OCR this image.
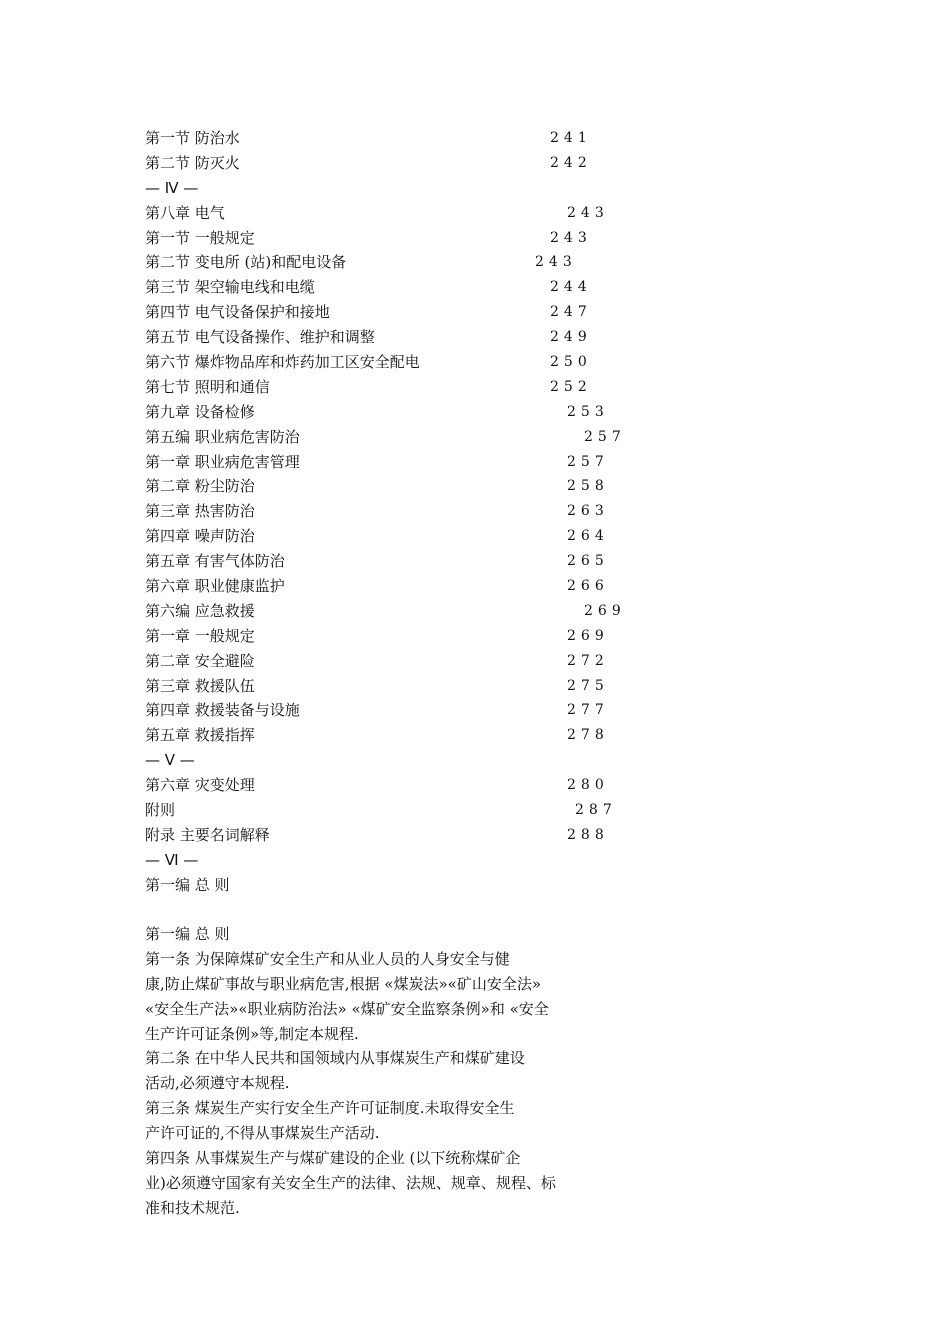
第一节 防治水	241
第二节 防灭火	242
— Ⅳ —
第八章 电气	243
第一节 一般规定	243
第二节 变电所 (站)和配电设备	243
第三节 架空输电线和电缆	244
第四节 电气设备保护和接地	247
第五节 电气设备操作、维护和调整	249
第六节 爆炸物品库和炸药加工区安全配电	250
第七节 照明和通信	252
第九章 设备检修	253
第五编 职业病危害防治	257
第一章 职业病危害管理	257
第二章 粉尘防治	258
第三章 热害防治	263
第四章 噪声防治	264
第五章 有害气体防治	265
第六章 职业健康监护	266
第六编 应急救援	269
第一章 一般规定	269
第二章 安全避险	272
第三章 救援队伍	275
第四章 救援装备与设施	277
第五章 救援指挥	278
— Ⅴ —
第六章 灾变处理	280
附则	287
附录 主要名词解释	288
— Ⅵ —
第一编 总 则
第一编 总 则
第一条 为保障煤矿安全生产和从业人员的人身安全与健
康,防止煤矿事故与职业病危害,根据 «煤炭法»«矿山安全法»
«安全生产法»«职业病防治法» «煤矿安全监察条例»和 «安全
生产许可证条例»等,制定本规程.
第二条 在中华人民共和国领域内从事煤炭生产和煤矿建设
活动,必须遵守本规程.
第三条 煤炭生产实行安全生产许可证制度.未取得安全生
产许可证的,不得从事煤炭生产活动.
第四条 从事煤炭生产与煤矿建设的企业 (以下统称煤矿企
业)必须遵守国家有关安全生产的法律、法规、规章、规程、标
准和技术规范.
